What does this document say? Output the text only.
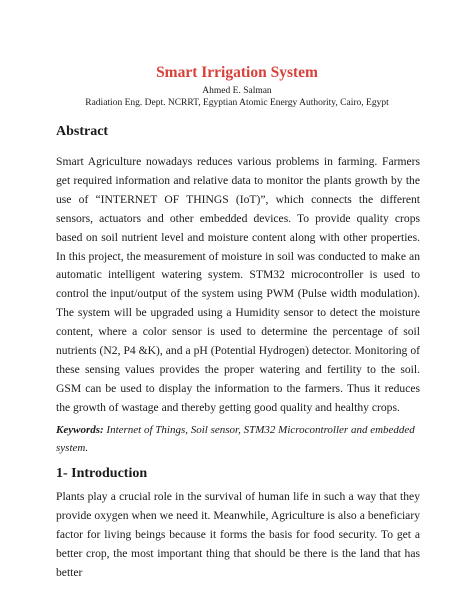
Smart Irrigation System
Ahmed E. Salman
Radiation Eng. Dept. NCRRT, Egyptian Atomic Energy Authority, Cairo, Egypt
Abstract

Smart Agriculture nowadays reduces various problems in farming. Farmers get required information and relative data to monitor the plants growth by the use of “INTERNET OF THINGS (IoT)”, which connects the different sensors, actuators and other embedded devices. To provide quality crops based on soil nutrient level and moisture content along with other properties. In this project, the measurement of moisture in soil was conducted to make an automatic intelligent watering system. STM32 microcontroller is used to control the input/output of the system using PWM (Pulse width modulation). The system will be upgraded using a Humidity sensor to detect the moisture content, where a color sensor is used to determine the percentage of soil nutrients (N2, P4 &K), and a pH (Potential Hydrogen) detector. Monitoring of these sensing values provides the proper watering and fertility to the soil. GSM can be used to display the information to the farmers. Thus it reduces the growth of wastage and thereby getting good quality and healthy crops.

Keywords: Internet of Things, Soil sensor, STM32 Microcontroller and embedded system.

1- Introduction

Plants play a crucial role in the survival of human life in such a way that they provide oxygen when we need it. Meanwhile, Agriculture is also a beneficiary factor for living beings because it forms the basis for food security. To get a better crop, the most important thing that should be there is the land that has better
